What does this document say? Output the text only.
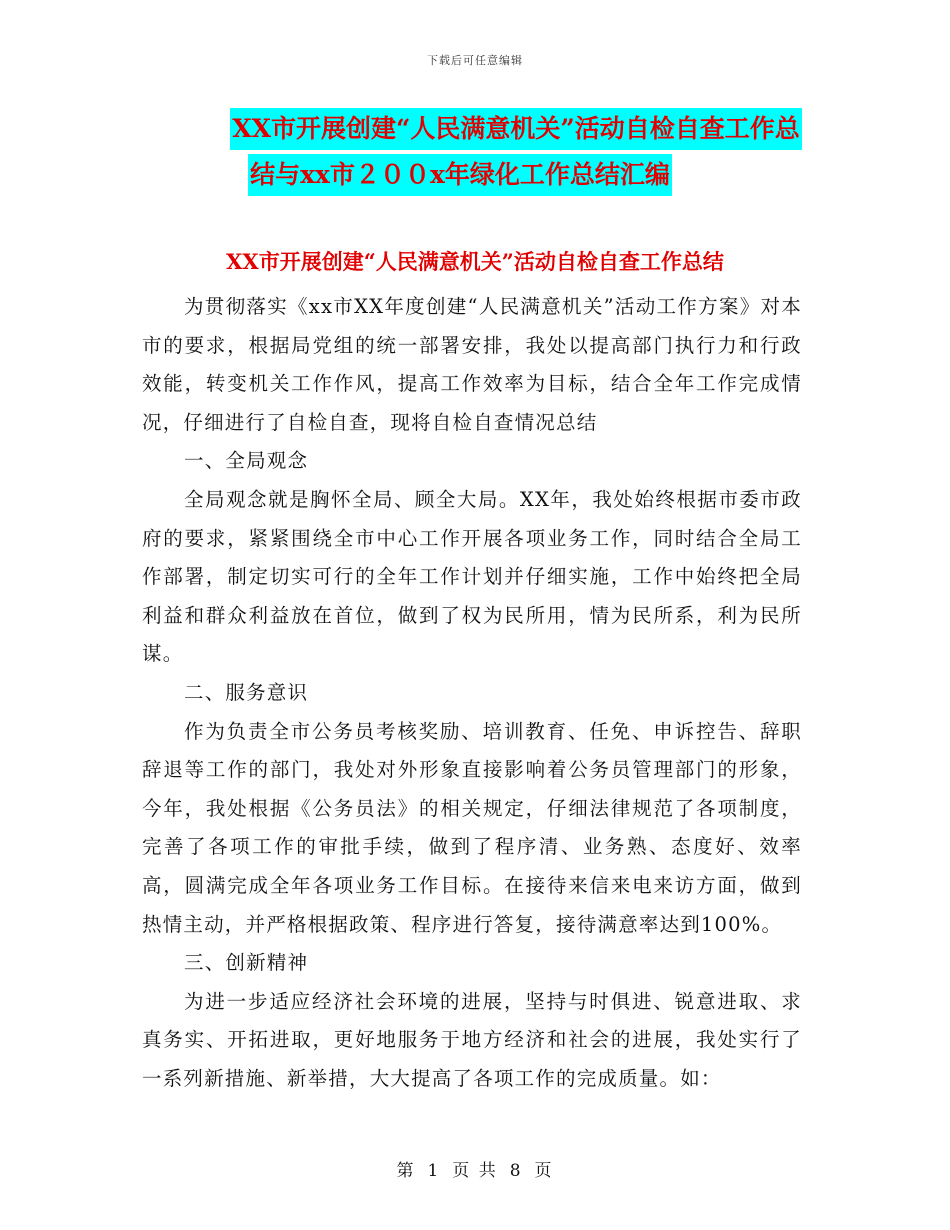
下载后可任意编辑
XX市开展创建“人民满意机关”活动自检自查工作总
结与xx市２００x年绿化工作总结汇编
XX市开展创建“人民满意机关”活动自检自查工作总结

为贯彻落实《xx市XX年度创建“人民满意机关”活动工作方案》对本市的要求，根据局党组的统一部署安排，我处以提高部门执行力和行政效能，转变机关工作作风，提高工作效率为目标，结合全年工作完成情况，仔细进行了自检自查，现将自检自查情况总结

一、全局观念

全局观念就是胸怀全局、顾全大局。XX年，我处始终根据市委市政府的要求，紧紧围绕全市中心工作开展各项业务工作，同时结合全局工作部署，制定切实可行的全年工作计划并仔细实施，工作中始终把全局利益和群众利益放在首位，做到了权为民所用，情为民所系，利为民所谋。

二、服务意识

作为负责全市公务员考核奖励、培训教育、任免、申诉控告、辞职辞退等工作的部门，我处对外形象直接影响着公务员管理部门的形象，今年，我处根据《公务员法》的相关规定，仔细法律规范了各项制度，完善了各项工作的审批手续，做到了程序清、业务熟、态度好、效率高，圆满完成全年各项业务工作目标。在接待来信来电来访方面，做到热情主动，并严格根据政策、程序进行答复，接待满意率达到100%。

三、创新精神

为进一步适应经济社会环境的进展，坚持与时俱进、锐意进取、求真务实、开拓进取，更好地服务于地方经济和社会的进展，我处实行了一系列新措施、新举措，大大提高了各项工作的完成质量。如：

第 1 页 共 8 页
